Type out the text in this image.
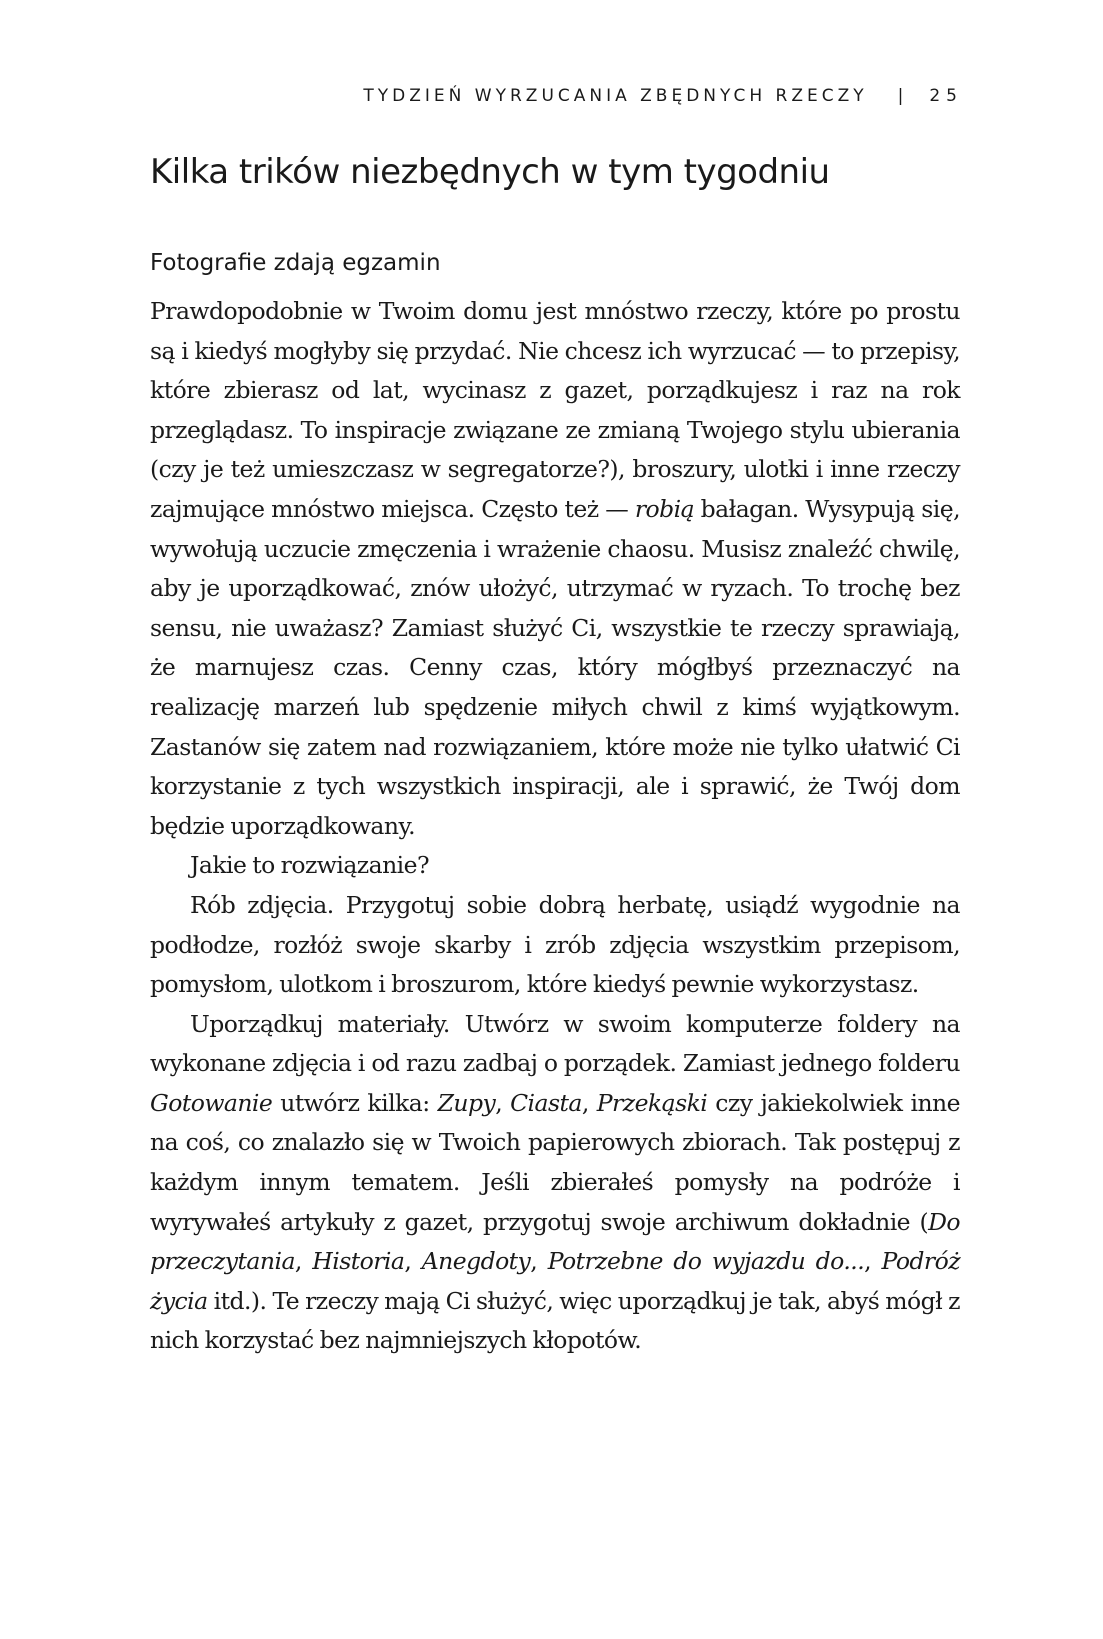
TYDZIEŃ WYRZUCANIA ZBĘDNYCH RZECZY | 25
Kilka trików niezbędnych w tym tygodniu
Fotografie zdają egzamin

Prawdopodobnie w Twoim domu jest mnóstwo rzeczy, które po prostu są i kiedyś mogłyby się przydać. Nie chcesz ich wyrzucać — to przepisy, które zbierasz od lat, wycinasz z gazet, porządkujesz i raz na rok przeglądasz. To inspiracje związane ze zmianą Twojego stylu ubierania (czy je też umieszczasz w segregatorze?), broszury, ulotki i inne rzeczy zajmujące mnóstwo miejsca. Często też — robią bałagan. Wysypują się, wywołują uczucie zmęczenia i wrażenie chaosu. Musisz znaleźć chwilę, aby je uporządkować, znów ułożyć, utrzymać w ryzach. To trochę bez sensu, nie uważasz? Zamiast służyć Ci, wszystkie te rzeczy sprawiają, że marnujesz czas. Cenny czas, który mógłbyś przeznaczyć na realizację marzeń lub spędzenie miłych chwil z kimś wyjątkowym. Zastanów się zatem nad rozwiązaniem, które może nie tylko ułatwić Ci korzystanie z tych wszystkich inspiracji, ale i sprawić, że Twój dom będzie uporządkowany.

Jakie to rozwiązanie?

Rób zdjęcia. Przygotuj sobie dobrą herbatę, usiądź wygodnie na podłodze, rozłóż swoje skarby i zrób zdjęcia wszystkim przepisom, pomysłom, ulotkom i broszurom, które kiedyś pewnie wykorzystasz.

Uporządkuj materiały. Utwórz w swoim komputerze foldery na wykonane zdjęcia i od razu zadbaj o porządek. Zamiast jednego folderu Gotowanie utwórz kilka: Zupy, Ciasta, Przekąski czy jakiekolwiek inne na coś, co znalazło się w Twoich papierowych zbiorach. Tak postępuj z każdym innym tematem. Jeśli zbierałeś pomysły na podróże i wyrywałeś artykuły z gazet, przygotuj swoje archiwum dokładnie (Do przeczytania, Historia, Anegdoty, Potrzebne do wyjazdu do..., Podróż życia itd.). Te rzeczy mają Ci służyć, więc uporządkuj je tak, abyś mógł z nich korzystać bez najmniejszych kłopotów.
